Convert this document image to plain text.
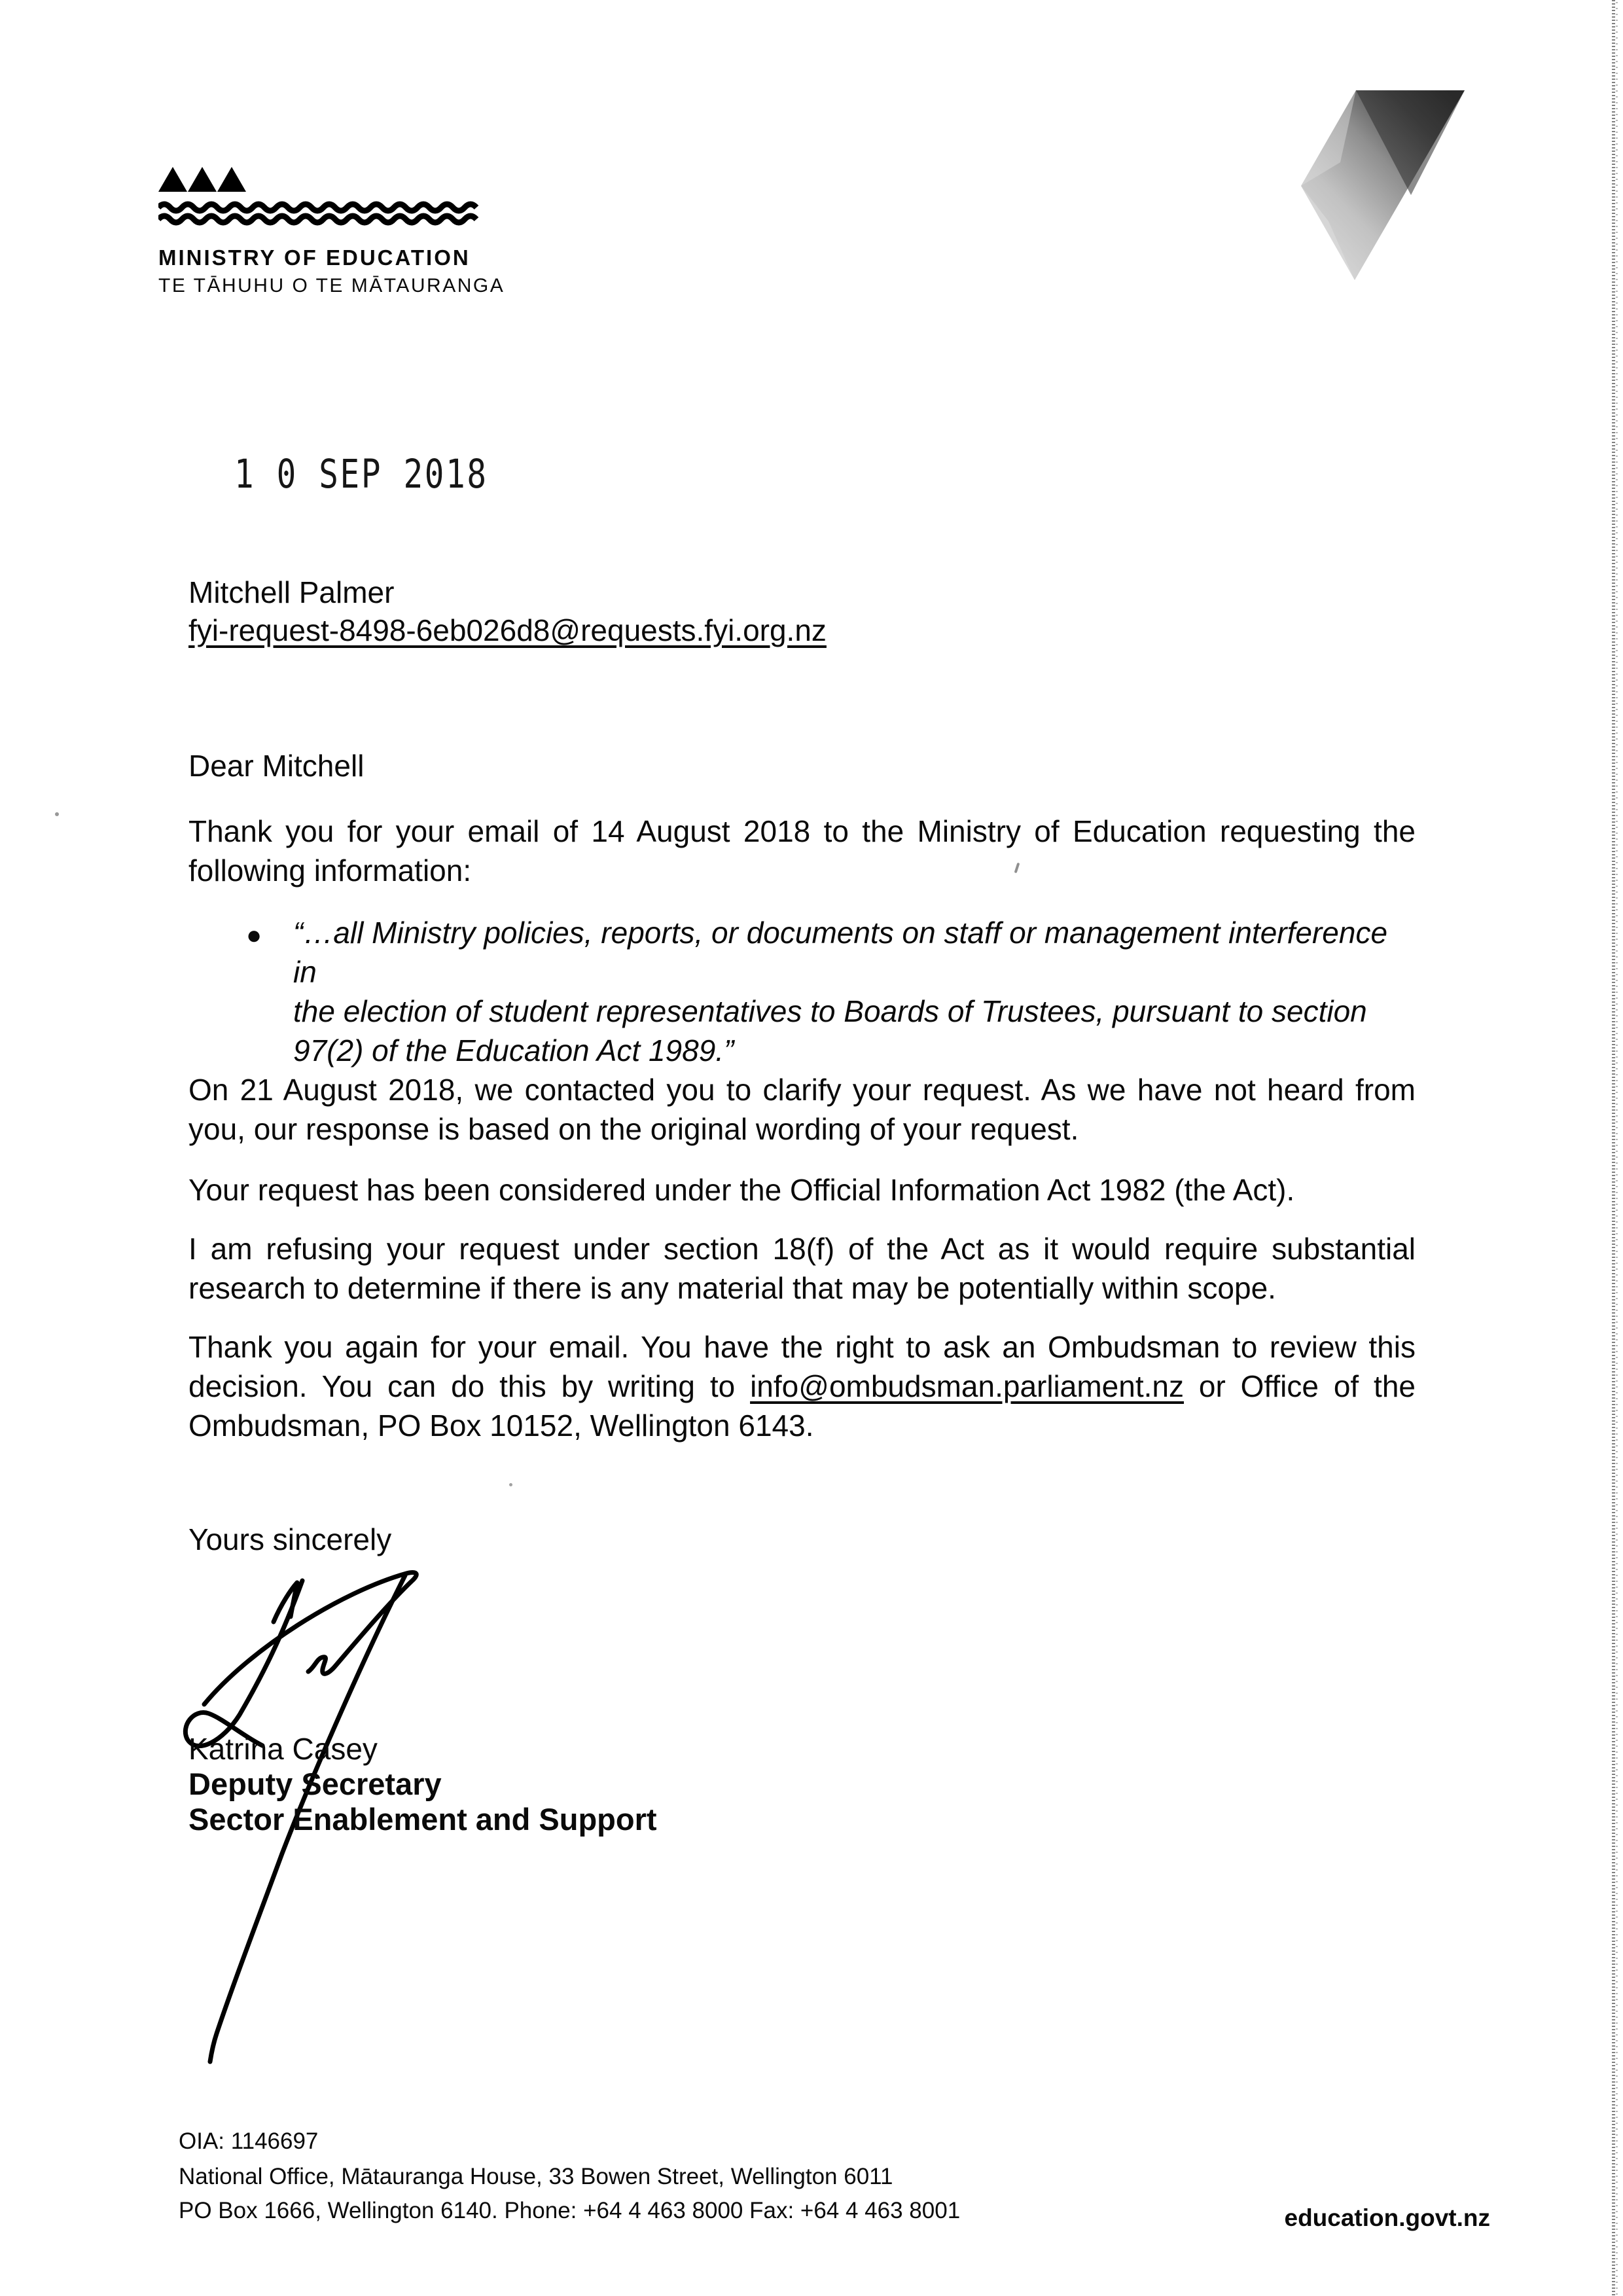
MINISTRY OF EDUCATION
TE TĀHUHU O TE MĀTAURANGA
1 0 SEP 2018
Mitchell Palmer
fyi-request-8498-6eb026d8@requests.fyi.org.nz
Dear Mitchell
Thank you for your email of 14 August 2018 to the Ministry of Education requesting the following information:
●	“…all Ministry policies, reports, or documents on staff or management interference in
the election of student representatives to Boards of Trustees, pursuant to section
97(2) of the Education Act 1989.”
On 21 August 2018, we contacted you to clarify your request. As we have not heard from you, our response is based on the original wording of your request.
Your request has been considered under the Official Information Act 1982 (the Act).
I am refusing your request under section 18(f) of the Act as it would require substantial research to determine if there is any material that may be potentially within scope.
Thank you again for your email. You have the right to ask an Ombudsman to review this decision. You can do this by writing to info@ombudsman.parliament.nz or Office of the Ombudsman, PO Box 10152, Wellington 6143.
Yours sincerely
Katrina Casey
Deputy Secretary
Sector Enablement and Support
OIA: 1146697
National Office, Mātauranga House, 33 Bowen Street, Wellington 6011
PO Box 1666, Wellington 6140. Phone: +64 4 463 8000 Fax: +64 4 463 8001	education.govt.nz
